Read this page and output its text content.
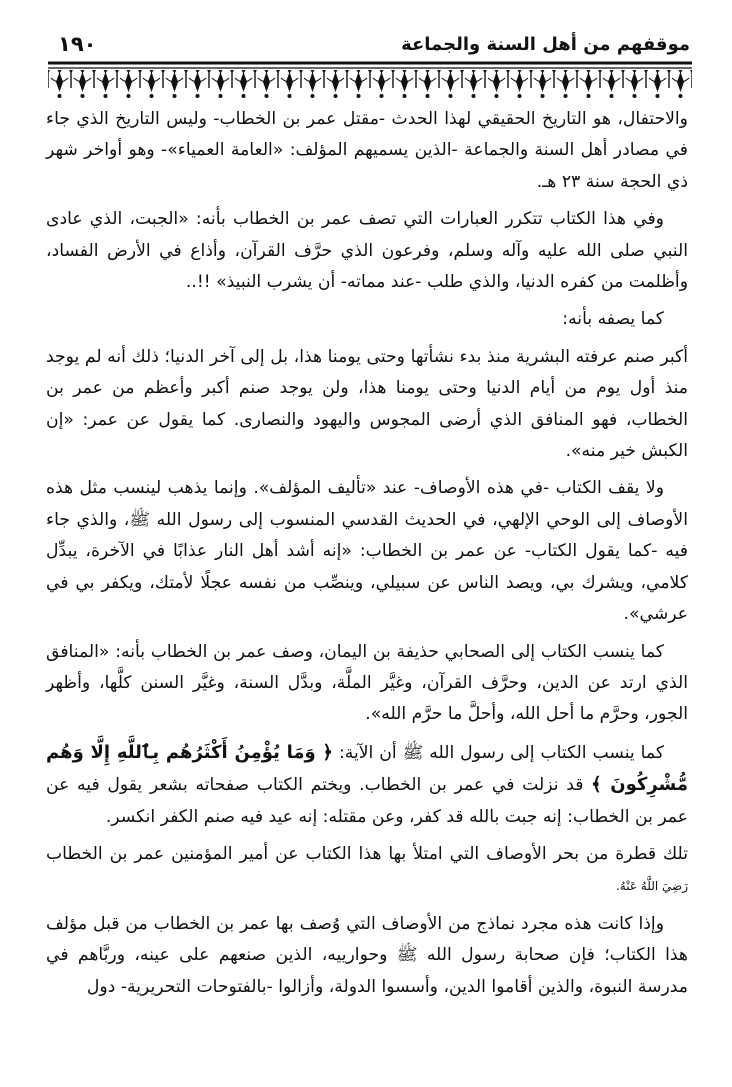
١٩٠	موقفهم من أهل السنة والجماعة

والاحتفال، هو التاريخ الحقيقي لهذا الحدث -مقتل عمر بن الخطاب- وليس التاريخ الذي جاء في مصادر أهل السنة والجماعة -الذين يسميهم المؤلف: «العامة العمياء»- وهو أواخر شهر ذي الحجة سنة ٢٣ هـ.

وفي هذا الكتاب تتكرر العبارات التي تصف عمر بن الخطاب بأنه: «الجبت، الذي عادى النبي صلى الله عليه وآله وسلم، وفرعون الذي حرَّف القرآن، وأذاع في الأرض الفساد، وأظلمت من كفره الدنيا، والذي طلب -عند مماته- أن يشرب النبيذ» !!..

كما يصفه بأنه:

أكبر صنم عرفته البشرية منذ بدء نشأتها وحتى يومنا هذا، بل إلى آخر الدنيا؛ ذلك أنه لم يوجد منذ أول يوم من أيام الدنيا وحتى يومنا هذا، ولن يوجد صنم أكبر وأعظم من عمر بن الخطاب، فهو المنافق الذي أرضى المجوس واليهود والنصارى. كما يقول عن عمر: «إن الكبش خير منه».

ولا يقف الكتاب -في هذه الأوصاف- عند «تأليف المؤلف». وإنما يذهب لينسب مثل هذه الأوصاف إلى الوحي الإلهي، في الحديث القدسي المنسوب إلى رسول الله ﷺ، والذي جاء فيه -كما يقول الكتاب- عن عمر بن الخطاب: «إنه أشد أهل النار عذابًا في الآخرة، يبدِّل كلامي، ويشرك بي، ويصد الناس عن سبيلي، وينصِّب من نفسه عجلًا لأمتك، ويكفر بي في عرشي».

كما ينسب الكتاب إلى الصحابي حذيفة بن اليمان، وصف عمر بن الخطاب بأنه: «المنافق الذي ارتد عن الدين، وحرَّف القرآن، وغيَّر الملَّة، وبدَّل السنة، وغيَّر السنن كلَّها، وأظهر الجور، وحرَّم ما أحل الله، وأحلَّ ما حرَّم الله».

كما ينسب الكتاب إلى رسول الله ﷺ أن الآية: ﴿ وَمَا يُؤْمِنُ أَكْثَرُهُم بِٱللَّهِ إِلَّا وَهُم مُّشْرِكُونَ ﴾ قد نزلت في عمر بن الخطاب. ويختم الكتاب صفحاته بشعر يقول فيه عن عمر بن الخطاب: إنه جبت بالله قد كفر، وعن مقتله: إنه عيد فيه صنم الكفر انكسر.

تلك قطرة من بحر الأوصاف التي امتلأ بها هذا الكتاب عن أمير المؤمنين عمر بن الخطاب رَضِيَ اللَّهُ عَنْهُ.

وإذا كانت هذه مجرد نماذج من الأوصاف التي وُصف بها عمر بن الخطاب من قبل مؤلف هذا الكتاب؛ فإن صحابة رسول الله ﷺ وحوارييه، الذين صنعهم على عينه، وربَّاهم في مدرسة النبوة، والذين أقاموا الدين، وأسسوا الدولة، وأزالوا -بالفتوحات التحريرية- دول
